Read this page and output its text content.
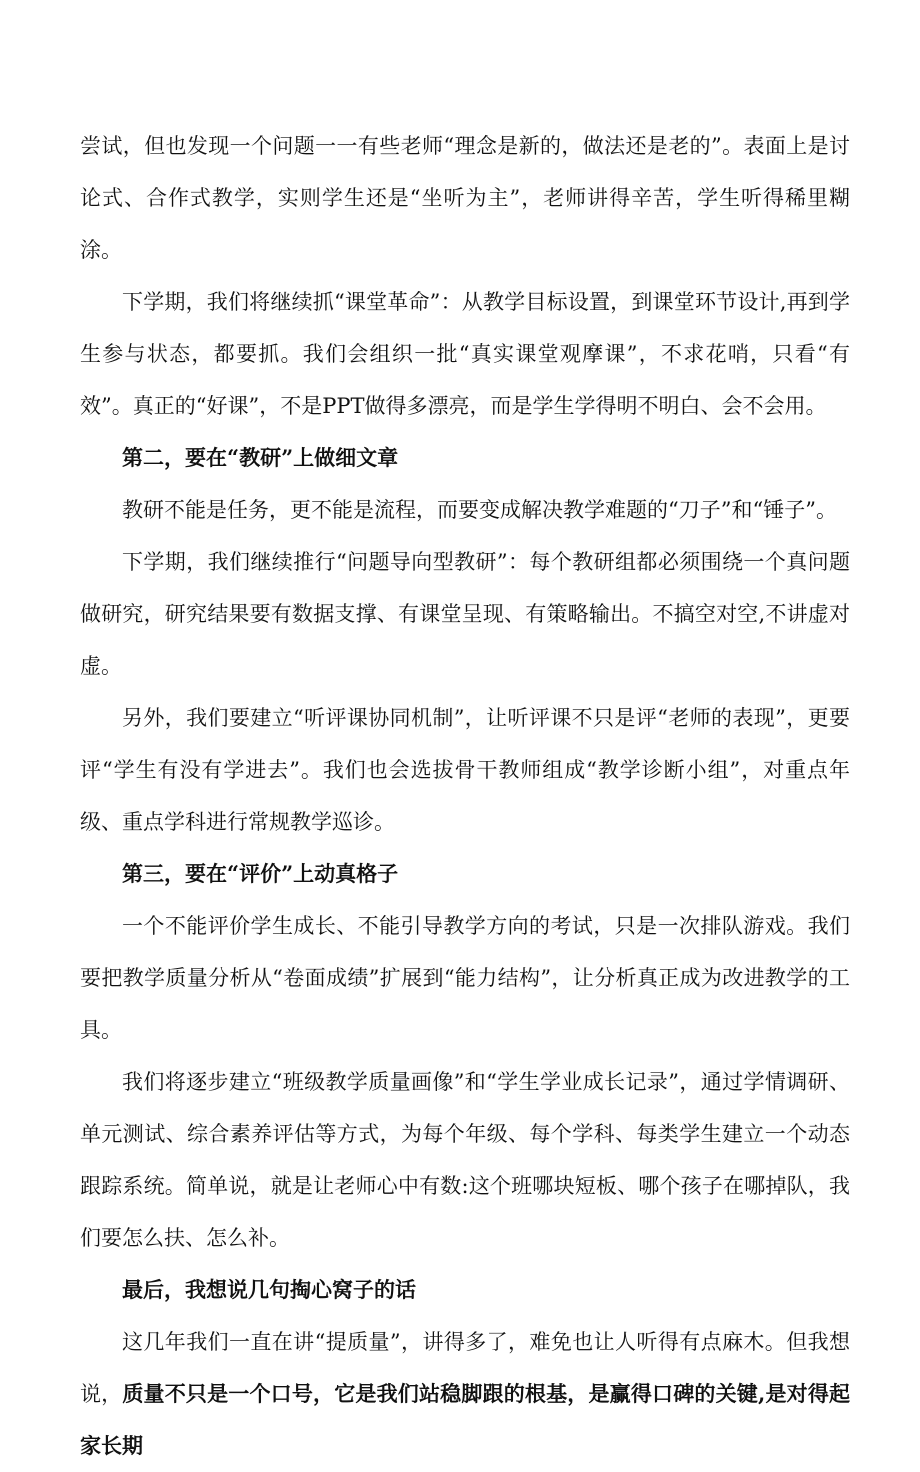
尝试，但也发现一个问题一一有些老师“理念是新的，做法还是老的”。表面上是讨论式、合作式教学，实则学生还是“坐听为主”，老师讲得辛苦，学生听得稀里糊涂。

下学期，我们将继续抓“课堂革命”：从教学目标设置，到课堂环节设计,再到学生参与状态，都要抓。我们会组织一批“真实课堂观摩课”，不求花哨，只看“有效”。真正的“好课”，不是PPT做得多漂亮，而是学生学得明不明白、会不会用。

第二，要在“教研”上做细文章

教研不能是任务，更不能是流程，而要变成解决教学难题的“刀子”和“锤子”。

下学期，我们继续推行“问题导向型教研”：每个教研组都必须围绕一个真问题做研究，研究结果要有数据支撑、有课堂呈现、有策略输出。不搞空对空,不讲虚对虚。

另外，我们要建立“听评课协同机制”，让听评课不只是评“老师的表现”，更要评“学生有没有学进去”。我们也会选拔骨干教师组成“教学诊断小组”，对重点年级、重点学科进行常规教学巡诊。

第三，要在“评价”上动真格子

一个不能评价学生成长、不能引导教学方向的考试，只是一次排队游戏。我们要把教学质量分析从“卷面成绩”扩展到“能力结构”，让分析真正成为改进教学的工具。

我们将逐步建立“班级教学质量画像”和“学生学业成长记录”，通过学情调研、单元测试、综合素养评估等方式，为每个年级、每个学科、每类学生建立一个动态跟踪系统。简单说，就是让老师心中有数:这个班哪块短板、哪个孩子在哪掉队，我们要怎么扶、怎么补。

最后，我想说几句掏心窝子的话

这几年我们一直在讲“提质量”，讲得多了，难免也让人听得有点麻木。但我想说，质量不只是一个口号，它是我们站稳脚跟的根基，是赢得口碑的关键,是对得起家长期
